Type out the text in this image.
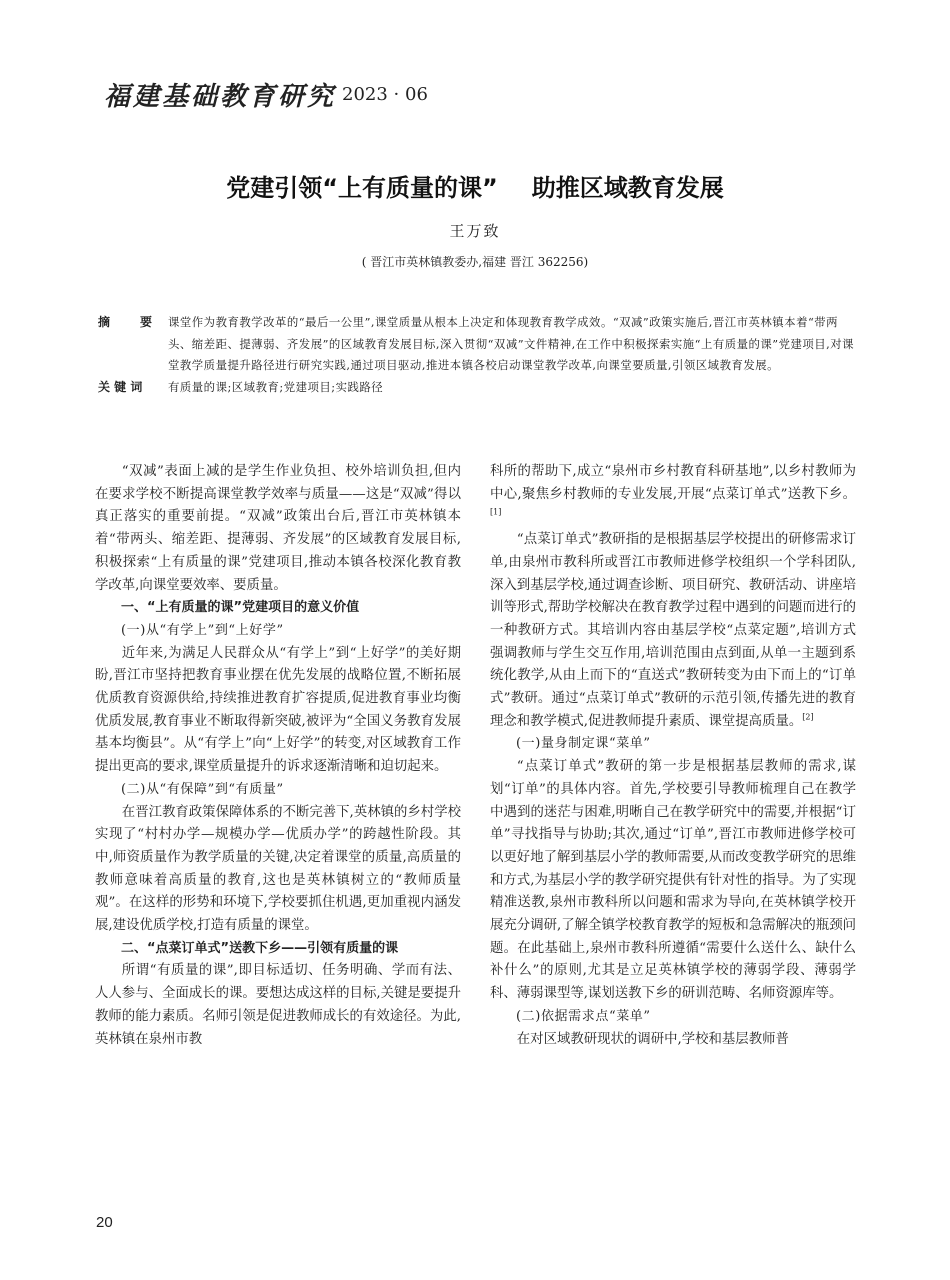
福建基础教育研究 2023 · 06
党建引领“上有质量的课” 助推区域教育发展
王万致
( 晋江市英林镇教委办,福建 晋江 362256)
摘 要	课堂作为教育教学改革的“最后一公里”,课堂质量从根本上决定和体现教育教学成效。“双减”政策实施后,晋江市英林镇本着“带两头、缩差距、提薄弱、齐发展”的区域教育发展目标,深入贯彻“双减”文件精神,在工作中积极探索实施“上有质量的课”党建项目,对课堂教学质量提升路径进行研究实践,通过项目驱动,推进本镇各校启动课堂教学改革,向课堂要质量,引领区域教育发展。
关 键 词	有质量的课;区域教育;党建项目;实践路径

“双减”表面上减的是学生作业负担、校外培训负担,但内在要求学校不断提高课堂教学效率与质量——这是“双减”得以真正落实的重要前提。“双减”政策出台后,晋江市英林镇本着“带两头、缩差距、提薄弱、齐发展”的区域教育发展目标,积极探索“上有质量的课”党建项目,推动本镇各校深化教育教学改革,向课堂要效率、要质量。

一、“上有质量的课”党建项目的意义价值

(一)从“有学上”到“上好学”

近年来,为满足人民群众从“有学上”到“上好学”的美好期盼,晋江市坚持把教育事业摆在优先发展的战略位置,不断拓展优质教育资源供给,持续推进教育扩容提质,促进教育事业均衡优质发展,教育事业不断取得新突破,被评为“全国义务教育发展基本均衡县”。从“有学上”向“上好学”的转变,对区域教育工作提出更高的要求,课堂质量提升的诉求逐渐清晰和迫切起来。

(二)从“有保障”到“有质量”

在晋江教育政策保障体系的不断完善下,英林镇的乡村学校实现了“村村办学—规模办学—优质办学”的跨越性阶段。其中,师资质量作为教学质量的关键,决定着课堂的质量,高质量的教师意味着高质量的教育,这也是英林镇树立的“教师质量观”。在这样的形势和环境下,学校要抓住机遇,更加重视内涵发展,建设优质学校,打造有质量的课堂。

二、“点菜订单式”送教下乡——引领有质量的课

所谓“有质量的课”,即目标适切、任务明确、学而有法、人人参与、全面成长的课。要想达成这样的目标,关键是要提升教师的能力素质。名师引领是促进教师成长的有效途径。为此,英林镇在泉州市教

科所的帮助下,成立“泉州市乡村教育科研基地”,以乡村教师为中心,聚焦乡村教师的专业发展,开展“点菜订单式”送教下乡。[1]

“点菜订单式”教研指的是根据基层学校提出的研修需求订单,由泉州市教科所或晋江市教师进修学校组织一个学科团队,深入到基层学校,通过调查诊断、项目研究、教研活动、讲座培训等形式,帮助学校解决在教育教学过程中遇到的问题而进行的一种教研方式。其培训内容由基层学校“点菜定题”,培训方式强调教师与学生交互作用,培训范围由点到面,从单一主题到系统化教学,从由上而下的“直送式”教研转变为由下而上的“订单式”教研。通过“点菜订单式”教研的示范引领,传播先进的教育理念和教学模式,促进教师提升素质、课堂提高质量。[2]

(一)量身制定课“菜单”

“点菜订单式”教研的第一步是根据基层教师的需求,谋划“订单”的具体内容。首先,学校要引导教师梳理自己在教学中遇到的迷茫与困难,明晰自己在教学研究中的需要,并根据“订单”寻找指导与协助;其次,通过“订单”,晋江市教师进修学校可以更好地了解到基层小学的教师需要,从而改变教学研究的思维和方式,为基层小学的教学研究提供有针对性的指导。为了实现精准送教,泉州市教科所以问题和需求为导向,在英林镇学校开展充分调研,了解全镇学校教育教学的短板和急需解决的瓶颈问题。在此基础上,泉州市教科所遵循“需要什么送什么、缺什么补什么”的原则,尤其是立足英林镇学校的薄弱学段、薄弱学科、薄弱课型等,谋划送教下乡的研训范畴、名师资源库等。

(二)依据需求点“菜单”

在对区域教研现状的调研中,学校和基层教师普

20
